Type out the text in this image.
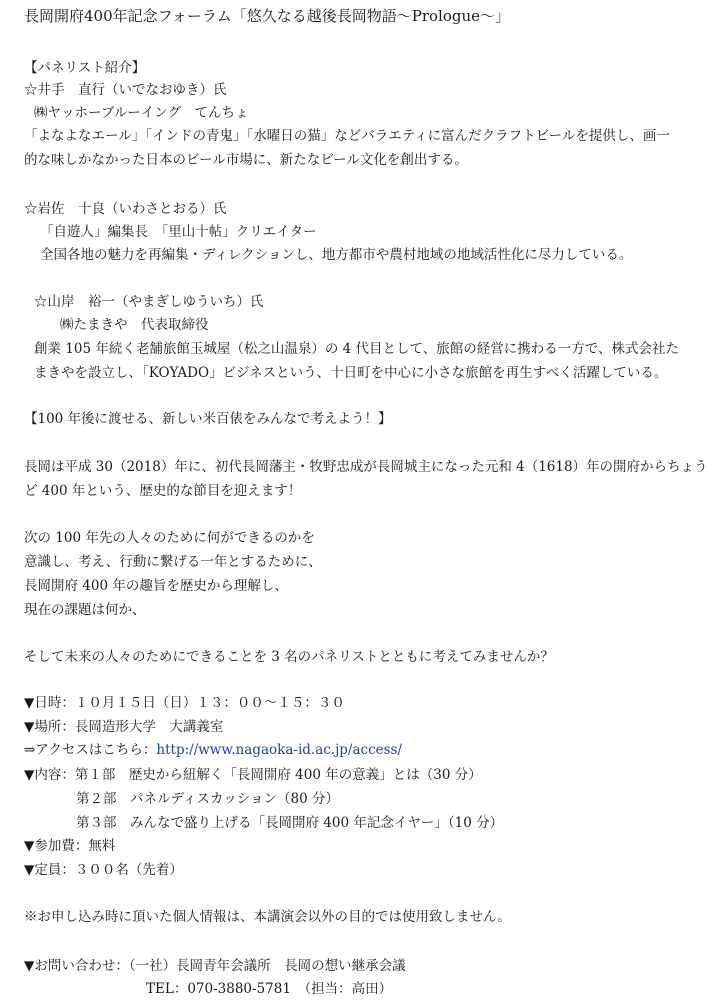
長岡開府400年記念フォーラム「悠久なる越後長岡物語～Prologue～」
【パネリスト紹介】
☆井手　直行（いでなおゆき）氏
㈱ヤッホーブルーイング　てんちょ
「よなよなエール」「インドの青鬼」「水曜日の猫」などバラエティに富んだクラフトビールを提供し、画一
的な味しかなかった日本のビール市場に、新たなビール文化を創出する。
☆岩佐　十良（いわさとおる）氏
「自遊人」編集長　「里山十帖」クリエイター
全国各地の魅力を再編集・ディレクションし、地方都市や農村地域の地域活性化に尽力している。
☆山岸　裕一（やまぎしゆういち）氏
㈱たまきや　代表取締役
創業 105 年続く老舗旅館玉城屋（松之山温泉）の 4 代目として、旅館の経営に携わる一方で、株式会社た
まきやを設立し、「KOYADO」ビジネスという、十日町を中心に小さな旅館を再生すべく活躍している。
【100 年後に渡せる、新しい米百俵をみんなで考えよう！】
長岡は平成 30（2018）年に、初代長岡藩主・牧野忠成が長岡城主になった元和 4（1618）年の開府からちょう
ど 400 年という、歴史的な節目を迎えます！
次の 100 年先の人々のために何ができるのかを
意識し、考え、行動に繋げる一年とするために、
長岡開府 400 年の趣旨を歴史から理解し、
現在の課題は何か、
そして未来の人々のためにできることを 3 名のパネリストとともに考えてみませんか？
▼日時：１０月１５日（日）１３：００～１５：３０
▼場所：長岡造形大学　大講義室
⇒アクセスはこちら：http://www.nagaoka-id.ac.jp/access/
▼内容：第１部　歴史から紐解く「長岡開府 400 年の意義」とは（30 分）
第２部　パネルディスカッション（80 分）
第３部　みんなで盛り上げる「長岡開府 400 年記念イヤー」（10 分）
▼参加費：無料
▼定員：３００名（先着）
※お申し込み時に頂いた個人情報は、本講演会以外の目的では使用致しません。
▼お問い合わせ：（一社）長岡青年会議所　長岡の想い継承会議
TEL：070-3880-5781　（担当：高田）
